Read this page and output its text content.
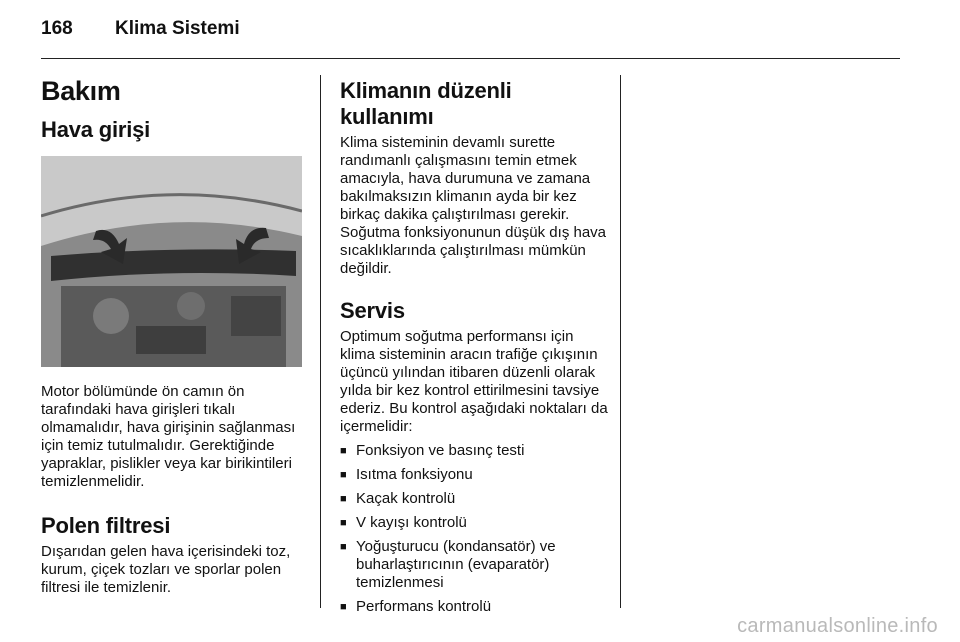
168 Klima Sistemi
Bakım
Hava girişi

Motor bölümünde ön camın ön tarafındaki hava girişleri tıkalı olmamalıdır, hava girişinin sağlanması için temiz tutulmalıdır. Gerektiğinde yapraklar, pislikler veya kar birikintileri temizlenmelidir.

Polen filtresi

Dışarıdan gelen hava içerisindeki toz, kurum, çiçek tozları ve sporlar polen filtresi ile temizlenir.

Klimanın düzenli kullanımı

Klima sisteminin devamlı surette randımanlı çalışmasını temin etmek amacıyla, hava durumuna ve zamana bakılmaksızın klimanın ayda bir kez birkaç dakika çalıştırılması gerekir. Soğutma fonksiyonunun düşük dış hava sıcaklıklarında çalıştırılması mümkün değildir.

Servis

Optimum soğutma performansı için klima sisteminin aracın trafiğe çıkışının üçüncü yılından itibaren düzenli olarak yılda bir kez kontrol ettirilmesini tavsiye ederiz. Bu kontrol aşağıdaki noktaları da içermelidir:

■ Fonksiyon ve basınç testi
■ Isıtma fonksiyonu
■ Kaçak kontrolü
■ V kayışı kontrolü
■ Yoğuşturucu (kondansatör) ve buharlaştırıcının (evaparatör) temizlenmesi
■ Performans kontrolü
carmanualsonline.info
